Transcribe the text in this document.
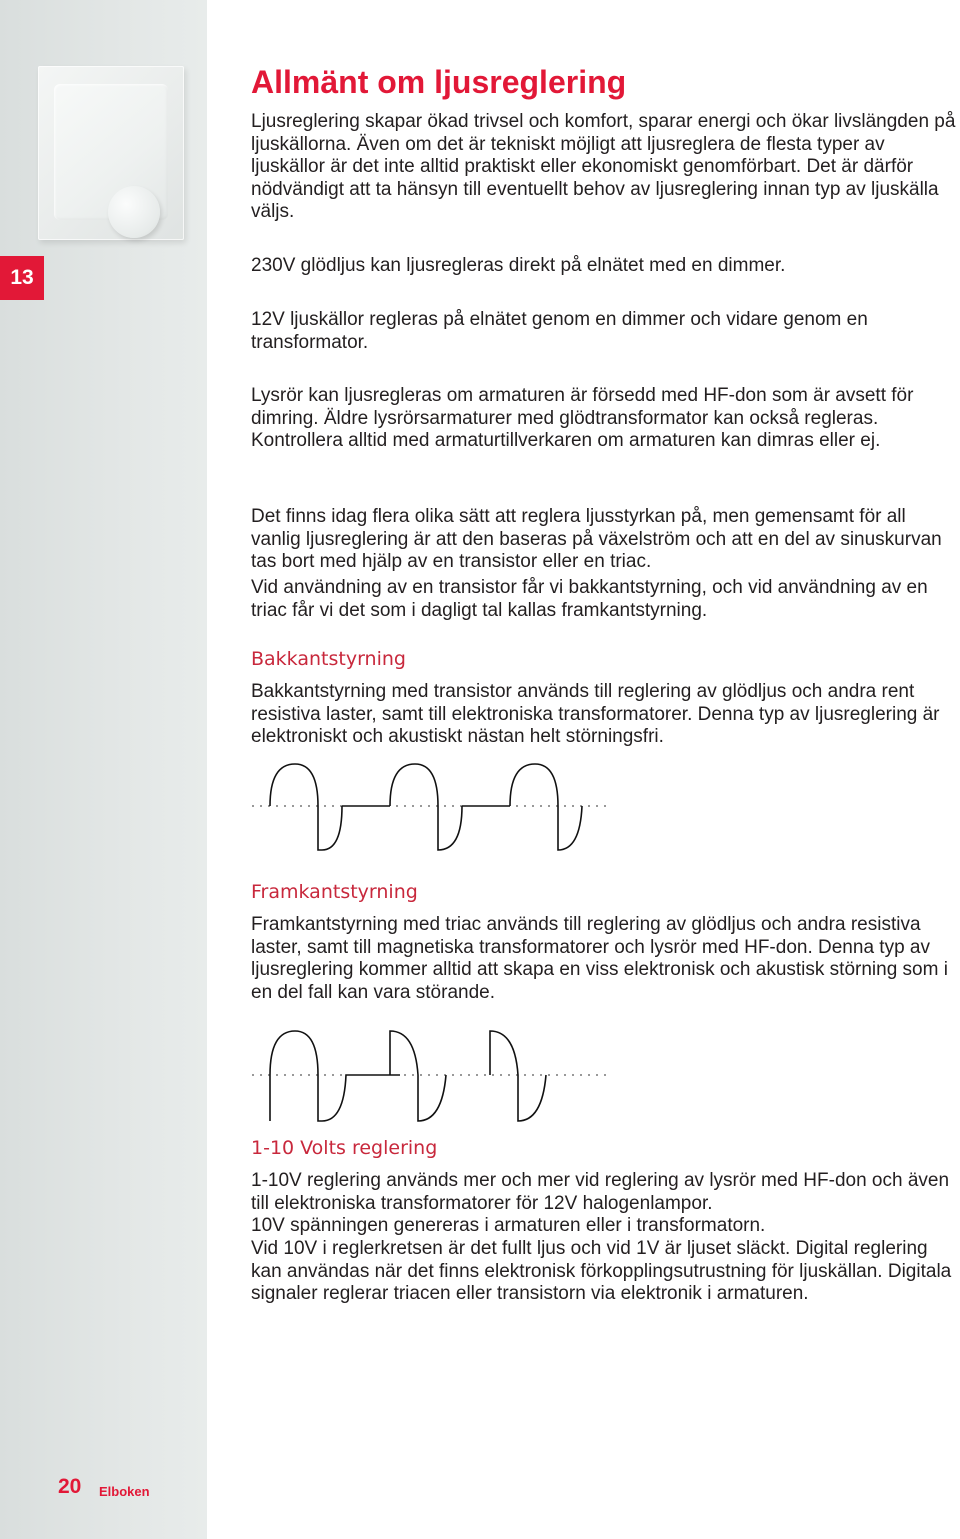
13
20 Elboken
Allmänt om ljusreglering

Ljusreglering skapar ökad trivsel och komfort, sparar energi och ökar livslängden på ljuskällorna. Även om det är tekniskt möjligt att ljusreglera de flesta typer av ljuskällor är det inte alltid praktiskt eller ekonomiskt genomförbart. Det är därför nödvändigt att ta hänsyn till eventuellt behov av ljusreglering innan typ av ljuskälla väljs.

230V glödljus kan ljusregleras direkt på elnätet med en dimmer.

12V ljuskällor regleras på elnätet genom en dimmer och vidare genom en transformator.

Lysrör kan ljusregleras om armaturen är försedd med HF-don som är avsett för dimring. Äldre lysrörsarmaturer med glödtransformator kan också regleras. Kontrollera alltid med armaturtillverkaren om armaturen kan dimras eller ej.

Det finns idag flera olika sätt att reglera ljusstyrkan på, men gemensamt för all vanlig ljusreglering är att den baseras på växelström och att en del av sinuskurvan tas bort med hjälp av en transistor eller en triac.

Vid användning av en transistor får vi bakkantstyrning, och vid användning av en triac får vi det som i dagligt tal kallas framkantstyrning.

Bakkantstyrning

Bakkantstyrning med transistor används till reglering av glödljus och andra rent resistiva laster, samt till elektroniska transformatorer. Denna typ av ljusreglering är elektroniskt och akustiskt nästan helt störningsfri.

Framkantstyrning

Framkantstyrning med triac används till reglering av glödljus och andra resistiva laster, samt till magnetiska transformatorer och lysrör med HF-don. Denna typ av ljusreglering kommer alltid att skapa en viss elektronisk och akustisk störning som i en del fall kan vara störande.

1-10 Volts reglering

1-10V reglering används mer och mer vid reglering av lysrör med HF-don och även till elektroniska transformatorer för 12V halogenlampor.

10V spänningen genereras i armaturen eller i transformatorn.

Vid 10V i reglerkretsen är det fullt ljus och vid 1V är ljuset släckt. Digital reglering kan användas när det finns elektronisk förkopplingsutrustning för ljuskällan. Digitala signaler reglerar triacen eller transistorn via elektronik i armaturen.
